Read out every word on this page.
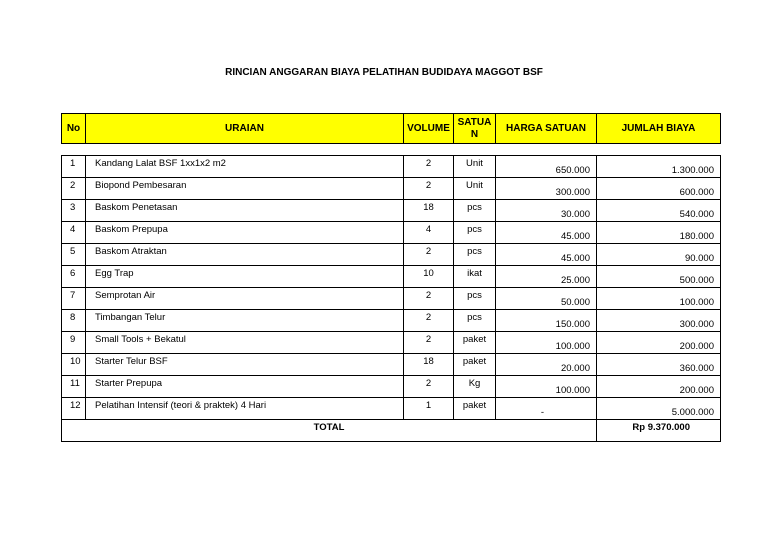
RINCIAN ANGGARAN BIAYA PELATIHAN BUDIDAYA MAGGOT BSF
No	URAIAN	VOLUME	SATUA N	HARGA SATUAN	JUMLAH BIAYA
1	Kandang Lalat BSF 1xx1x2 m2	2	Unit	650.000	1.300.000
2	Biopond Pembesaran	2	Unit	300.000	600.000
3	Baskom Penetasan	18	pcs	30.000	540.000
4	Baskom Prepupa	4	pcs	45.000	180.000
5	Baskom Atraktan	2	pcs	45.000	90.000
6	Egg Trap	10	ikat	25.000	500.000
7	Semprotan Air	2	pcs	50.000	100.000
8	Timbangan Telur	2	pcs	150.000	300.000
9	Small Tools + Bekatul	2	paket	100.000	200.000
10	Starter Telur BSF	18	paket	20.000	360.000
11	Starter Prepupa	2	Kg	100.000	200.000
12	Pelatihan Intensif (teori & praktek) 4 Hari	1	paket	-	5.000.000
TOTAL					Rp 9.370.000
